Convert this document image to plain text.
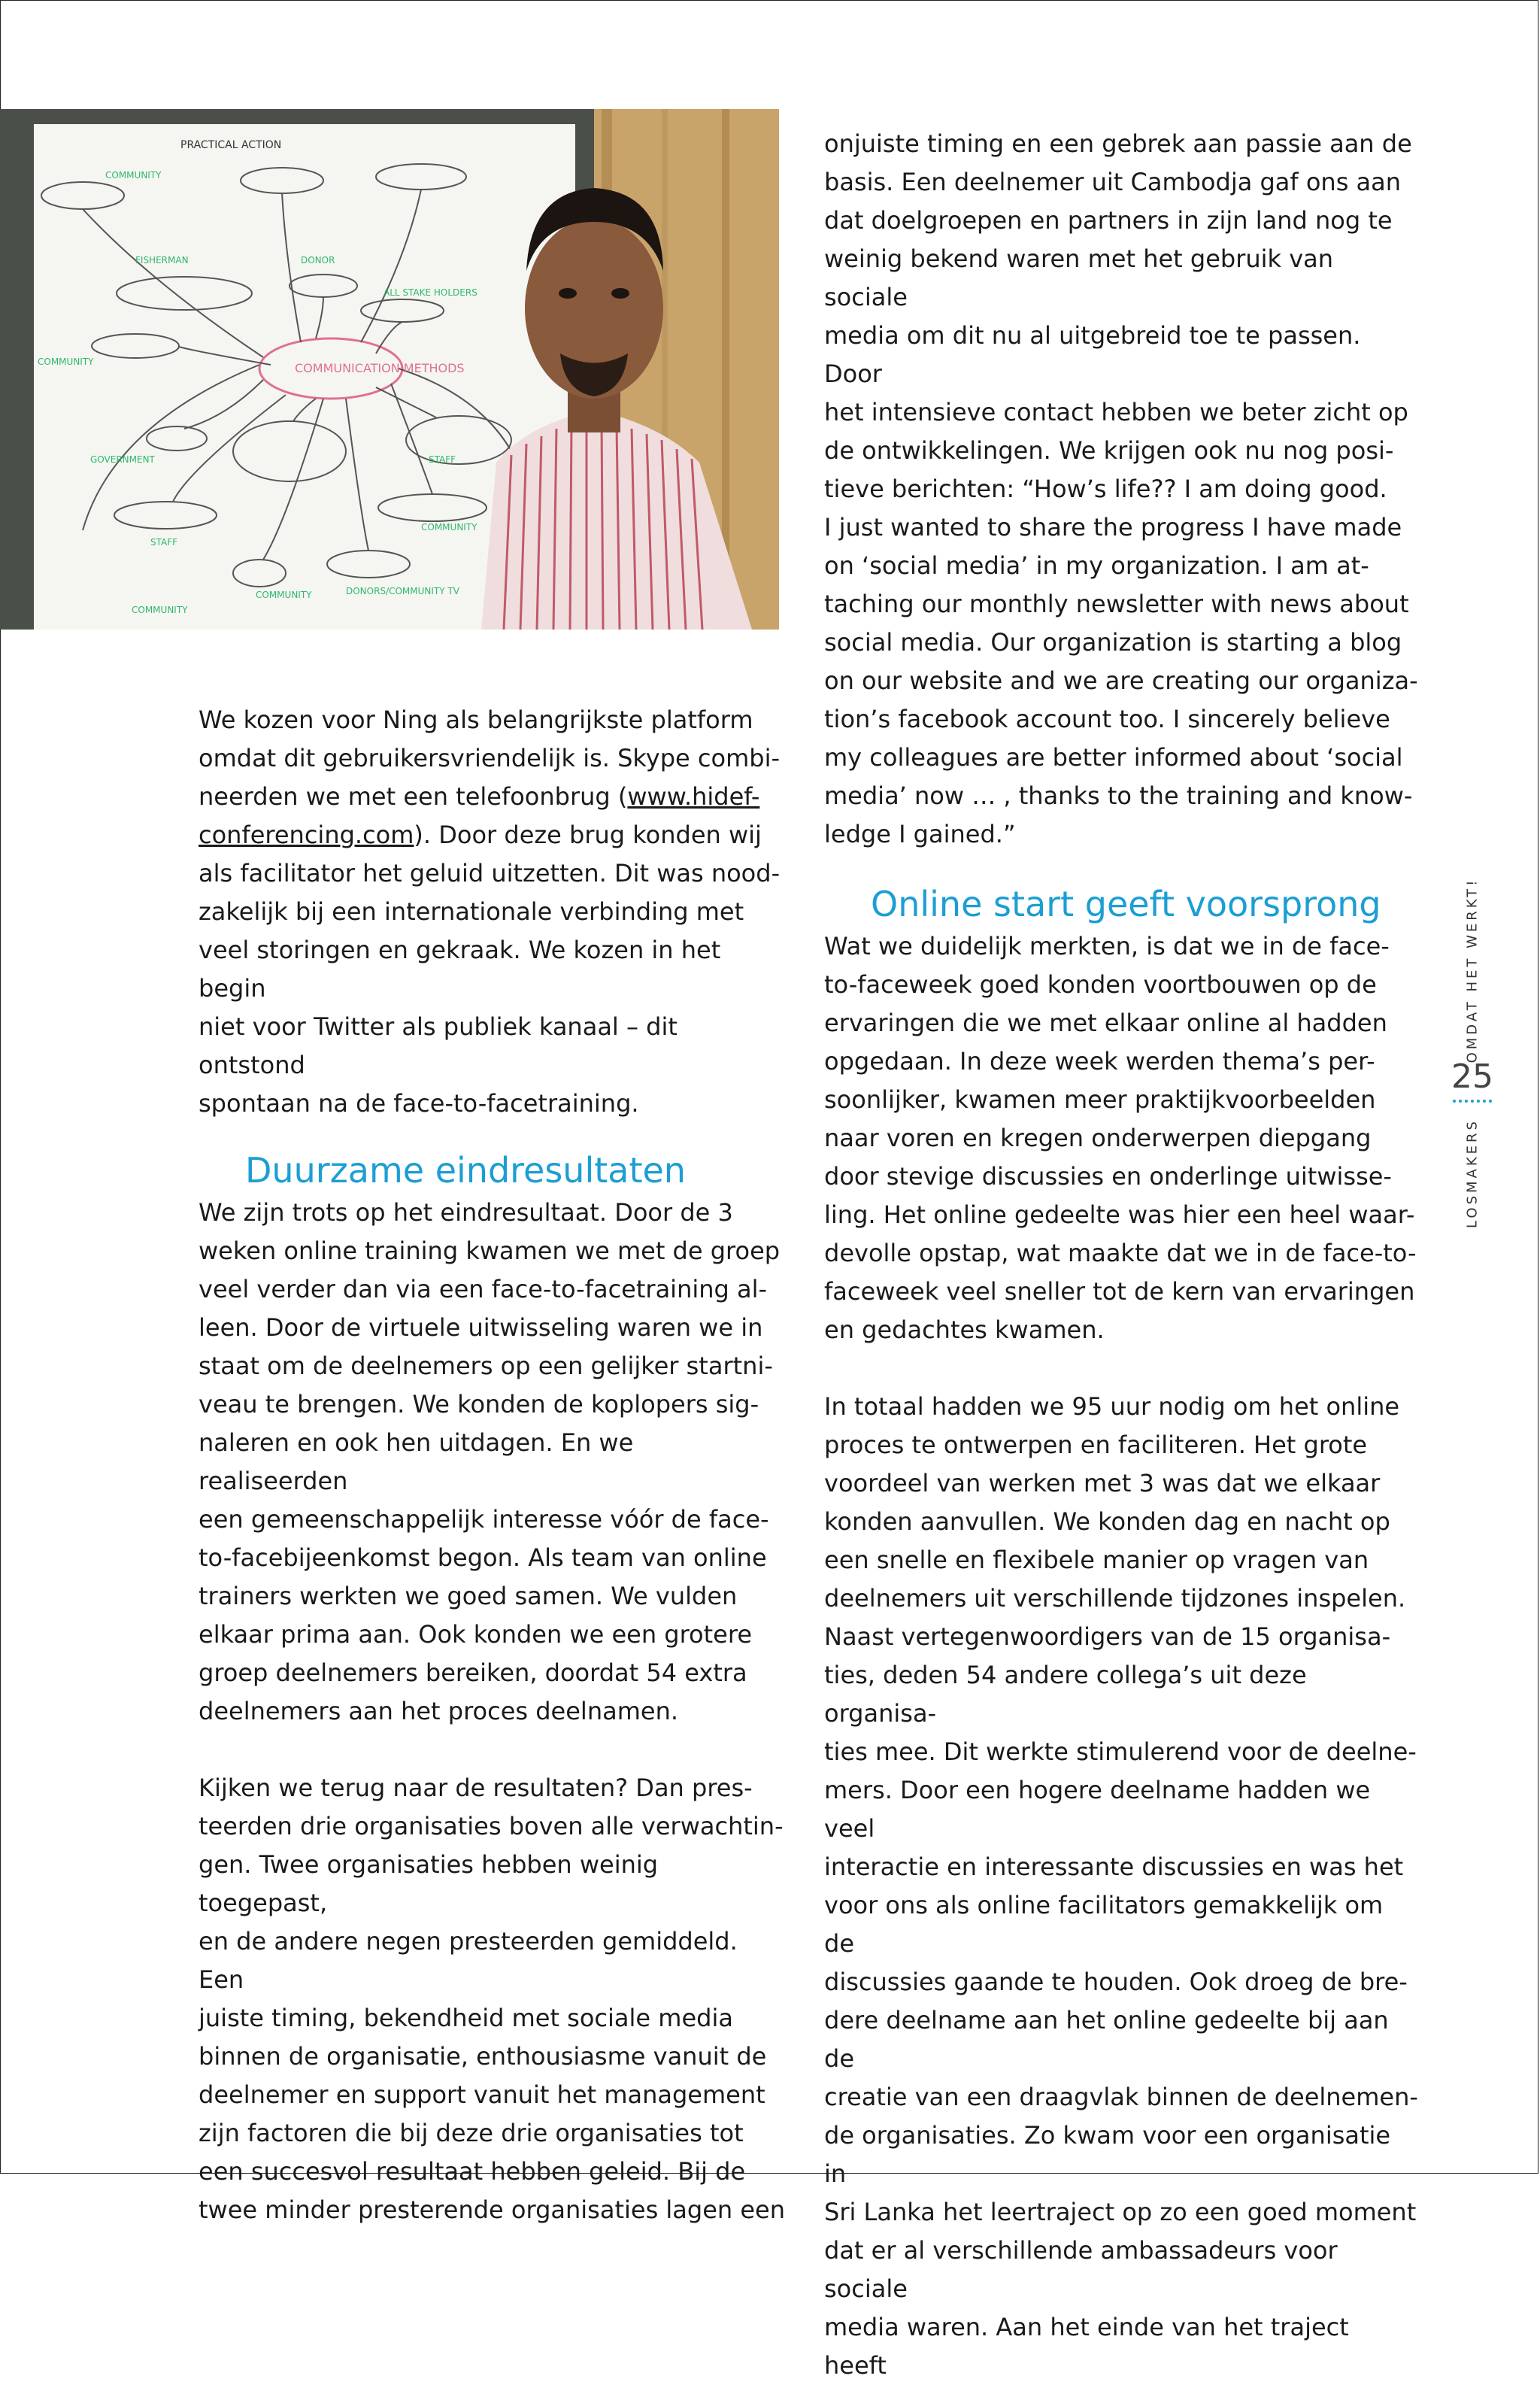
PRACTICAL ACTION
COMMUNICATION METHODS
COMMUNITY
FISHERMAN	DONOR
ALL STAKE HOLDERS
COMMUNITY
GOVERNMENT	STAFF
STAFF
COMMUNITY
COMMUNITY
COMMUNITY	DONORS/COMMUNITY TV

We kozen voor Ning als belangrijkste platform
omdat dit gebruikersvriendelijk is. Skype combi-
neerden we met een telefoonbrug (www.hidef-
conferencing.com). Door deze brug konden wij
als facilitator het geluid uitzetten. Dit was nood-
zakelijk bij een internationale verbinding met
veel storingen en gekraak. We kozen in het begin
niet voor Twitter als publiek kanaal – dit ontstond
spontaan na de face-to-facetraining.

Duurzame eindresultaten

We zijn trots op het eindresultaat. Door de 3
weken online training kwamen we met de groep
veel verder dan via een face-to-facetraining al-
leen. Door de virtuele uitwisseling waren we in
staat om de deelnemers op een gelijker startni-
veau te brengen. We konden de koplopers sig-
naleren en ook hen uitdagen. En we realiseerden
een gemeenschappelijk interesse vóór de face-
to-facebijeenkomst begon. Als team van online
trainers werkten we goed samen. We vulden
elkaar prima aan. Ook konden we een grotere
groep deelnemers bereiken, doordat 54 extra
deelnemers aan het proces deelnamen.

Kijken we terug naar de resultaten? Dan pres-
teerden drie organisaties boven alle verwachtin-
gen. Twee organisaties hebben weinig toegepast,
en de andere negen presteerden gemiddeld. Een
juiste timing, bekendheid met sociale media
binnen de organisatie, enthousiasme vanuit de
deelnemer en support vanuit het management
zijn factoren die bij deze drie organisaties tot
een succesvol resultaat hebben geleid. Bij de
twee minder presterende organisaties lagen een

onjuiste timing en een gebrek aan passie aan de
basis. Een deelnemer uit Cambodja gaf ons aan
dat doelgroepen en partners in zijn land nog te
weinig bekend waren met het gebruik van sociale
media om dit nu al uitgebreid toe te passen. Door
het intensieve contact hebben we beter zicht op
de ontwikkelingen. We krijgen ook nu nog posi-
tieve berichten: “How’s life?? I am doing good.
I just wanted to share the progress I have made
on ‘social media’ in my organization. I am at-
taching our monthly newsletter with news about
social media. Our organization is starting a blog
on our website and we are creating our organiza-
tion’s facebook account too. I sincerely believe
my colleagues are better informed about ‘social
media’ now … , thanks to the training and know-
ledge I gained.”

Online start geeft voorsprong

Wat we duidelijk merkten, is dat we in de face-
to-faceweek goed konden voortbouwen op de
ervaringen die we met elkaar online al hadden
opgedaan. In deze week werden thema’s per-
soonlijker, kwamen meer praktijkvoorbeelden
naar voren en kregen onderwerpen diepgang
door stevige discussies en onderlinge uitwisse-
ling. Het online gedeelte was hier een heel waar-
devolle opstap, wat maakte dat we in de face-to-
faceweek veel sneller tot de kern van ervaringen
en gedachtes kwamen.

In totaal hadden we 95 uur nodig om het online
proces te ontwerpen en faciliteren. Het grote
voordeel van werken met 3 was dat we elkaar
konden aanvullen. We konden dag en nacht op
een snelle en flexibele manier op vragen van
deelnemers uit verschillende tijdzones inspelen.
Naast vertegenwoordigers van de 15 organisa-
ties, deden 54 andere collega’s uit deze organisa-
ties mee. Dit werkte stimulerend voor de deelne-
mers. Door een hogere deelname hadden we veel
interactie en interessante discussies en was het
voor ons als online facilitators gemakkelijk om de
discussies gaande te houden. Ook droeg de bre-
dere deelname aan het online gedeelte bij aan de
creatie van een draagvlak binnen de deelnemen-
de organisaties. Zo kwam voor een organisatie in
Sri Lanka het leertraject op zo een goed moment
dat er al verschillende ambassadeurs voor sociale
media waren. Aan het einde van het traject heeft

OMDAT HET WERKT!
25
LOSMAKERS
